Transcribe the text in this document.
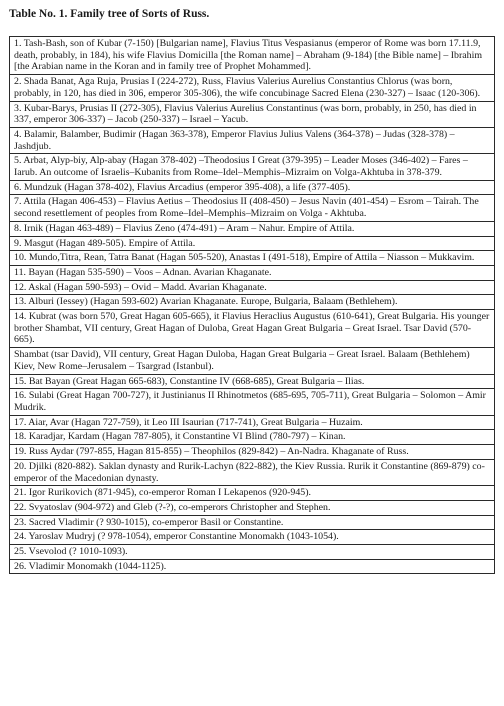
Table No. 1. Family tree of Sorts of Russ.
1. Tash-Bash, son of Kubar (7-150) [Bulgarian name], Flavius Titus Vespasianus (emperor of Rome was born 17.11.9, death, probably, in 184), his wife Flavius Domicilla [the Roman name] – Abraham (9-184) [the Bible name] – Ibrahim [the Arabian name in the Koran and in family tree of Prophet Mohammed].
2. Shada Banat, Aga Ruja, Prusias I (224-272), Russ, Flavius Valerius Aurelius Constantius Chlorus (was born, probably, in 120, has died in 306, emperor 305-306), the wife concubinage Sacred Elena (230-327) – Isaac (120-306).
3. Kubar-Barys, Prusias II (272-305), Flavius Valerius Aurelius Constantinus (was born, probably, in 250, has died in 337, emperor 306-337) – Jacob (250-337) – Israel – Yacub.
4. Balamir, Balamber, Budimir (Hagan 363-378), Emperor Flavius Julius Valens (364-378) – Judas (328-378) – Jashdjub.
5. Arbat, Alyp-biy, Alp-abay (Hagan 378-402) –Theodosius I Great (379-395) – Leader Moses (346-402) – Fares – Iarub. An outcome of Israelis–Kubanits from Rome–Idel–Memphis–Mizraim on Volga-Akhtuba in 378-379.
6. Mundzuk (Hagan 378-402), Flavius Arcadius (emperor 395-408), a life (377-405).
7. Attila (Hagan 406-453) – Flavius Aetius – Theodosius II (408-450) – Jesus Navin (401-454) – Esrom – Tairah. The second resettlement of peoples from Rome–Idel–Memphis–Mizraim on Volga - Akhtuba.
8. Irnik (Hagan 463-489) – Flavius Zeno (474-491) – Aram – Nahur. Empire of Attila.
9. Masgut (Hagan 489-505). Empire of Attila.
10. Mundo,Titra, Rean, Tatra Banat (Hagan 505-520), Anastas I (491-518), Empire of Attila – Niasson – Mukkavim.
11. Bayan (Hagan 535-590) – Voos – Adnan. Avarian Khaganate.
12. Askal (Hagan 590-593) – Ovid – Madd. Avarian Khaganate.
13. Alburi (Iessey) (Hagan 593-602) Avarian Khaganate. Europe, Bulgaria, Balaam (Bethlehem).
14. Kubrat (was born 570, Great Hagan 605-665), it Flavius Heraclius Augustus (610-641), Great Bulgaria. His younger brother Shambat, VII century, Great Hagan of Duloba, Great Hagan Great Bulgaria – Great Israel. Tsar David (570-665).
Shambat (tsar David), VII century, Great Hagan Duloba, Hagan Great Bulgaria – Great Israel. Balaam (Bethlehem) Kiev, New Rome–Jerusalem – Tsargrad (Istanbul).
15. Bat Bayan (Great Hagan 665-683), Constantine IV (668-685), Great Bulgaria – Ilias.
16. Sulabi (Great Hagan 700-727), it Justinianus II Rhinotmetos (685-695, 705-711), Great Bulgaria – Solomon – Amir Mudrik.
17. Aiar, Avar (Hagan 727-759), it Leo III Isaurian (717-741), Great Bulgaria – Huzaim.
18. Karadjar, Kardam (Hagan 787-805), it Constantine VI Blind (780-797) – Kinan.
19. Russ Aydar (797-855, Hagan 815-855) – Theophilos (829-842) – An-Nadra. Khaganate of Russ.
20. Djilki (820-882). Saklan dynasty and Rurik-Lachyn (822-882), the Kiev Russia. Rurik it Constantine (869-879) co-emperor of the Macedonian dynasty.
21. Igor Rurikovich (871-945), co-emperor Roman I Lekapenos (920-945).
22. Svyatoslav (904-972) and Gleb (?-?), co-emperors Christopher and Stephen.
23. Sacred Vladimir (? 930-1015), co-emperor Basil or Constantine.
24. Yaroslav Mudryj (? 978-1054), emperor Constantine Monomakh (1043-1054).
25. Vsevolod (? 1010-1093).
26. Vladimir Monomakh (1044-1125).
